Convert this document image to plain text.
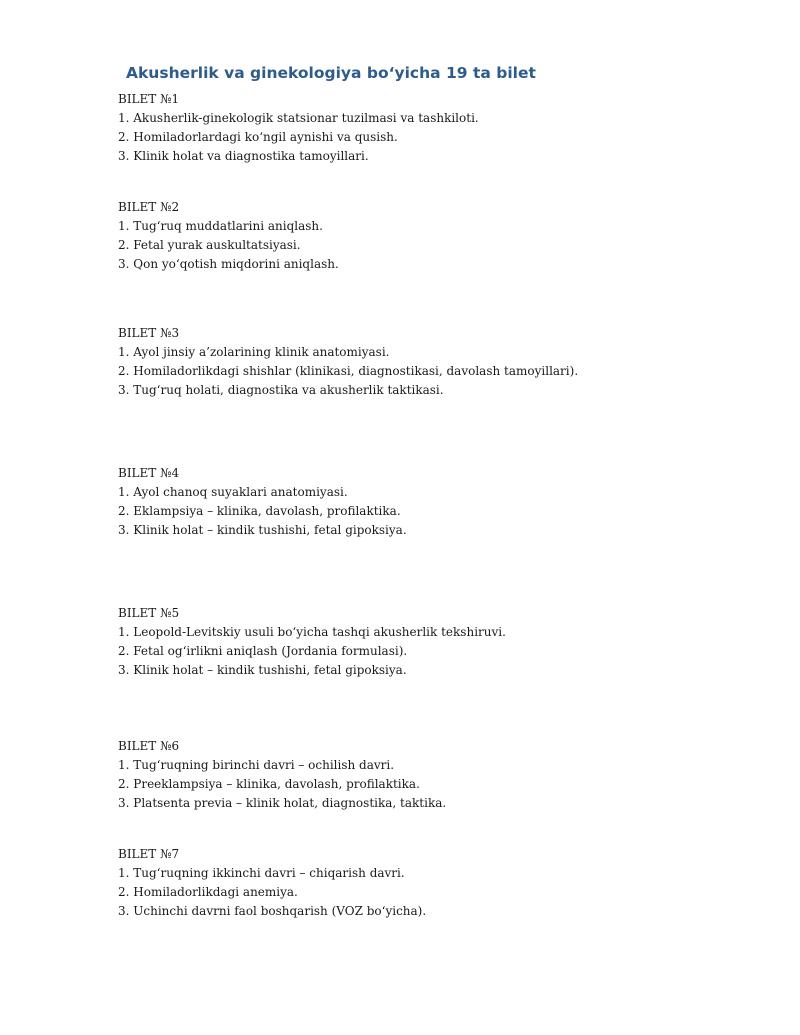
Akusherlik va ginekologiya bo‘yicha 19 ta bilet
BILET №1
1. Akusherlik-ginekologik statsionar tuzilmasi va tashkiloti.
2. Homiladorlardagi ko‘ngil aynishi va qusish.
3. Klinik holat va diagnostika tamoyillari.
BILET №2
1. Tug‘ruq muddatlarini aniqlash.
2. Fetal yurak auskultatsiyasi.
3. Qon yo‘qotish miqdorini aniqlash.
BILET №3
1. Ayol jinsiy a’zolarining klinik anatomiyasi.
2. Homiladorlikdagi shishlar (klinikasi, diagnostikasi, davolash tamoyillari).
3. Tug‘ruq holati, diagnostika va akusherlik taktikasi.
BILET №4
1. Ayol chanoq suyaklari anatomiyasi.
2. Eklampsiya – klinika, davolash, profilaktika.
3. Klinik holat – kindik tushishi, fetal gipoksiya.
BILET №5
1. Leopold-Levitskiy usuli bo‘yicha tashqi akusherlik tekshiruvi.
2. Fetal og‘irlikni aniqlash (Jordania formulasi).
3. Klinik holat – kindik tushishi, fetal gipoksiya.
BILET №6
1. Tug‘ruqning birinchi davri – ochilish davri.
2. Preeklampsiya – klinika, davolash, profilaktika.
3. Platsenta previa – klinik holat, diagnostika, taktika.
BILET №7
1. Tug‘ruqning ikkinchi davri – chiqarish davri.
2. Homiladorlikdagi anemiya.
3. Uchinchi davrni faol boshqarish (VOZ bo‘yicha).
